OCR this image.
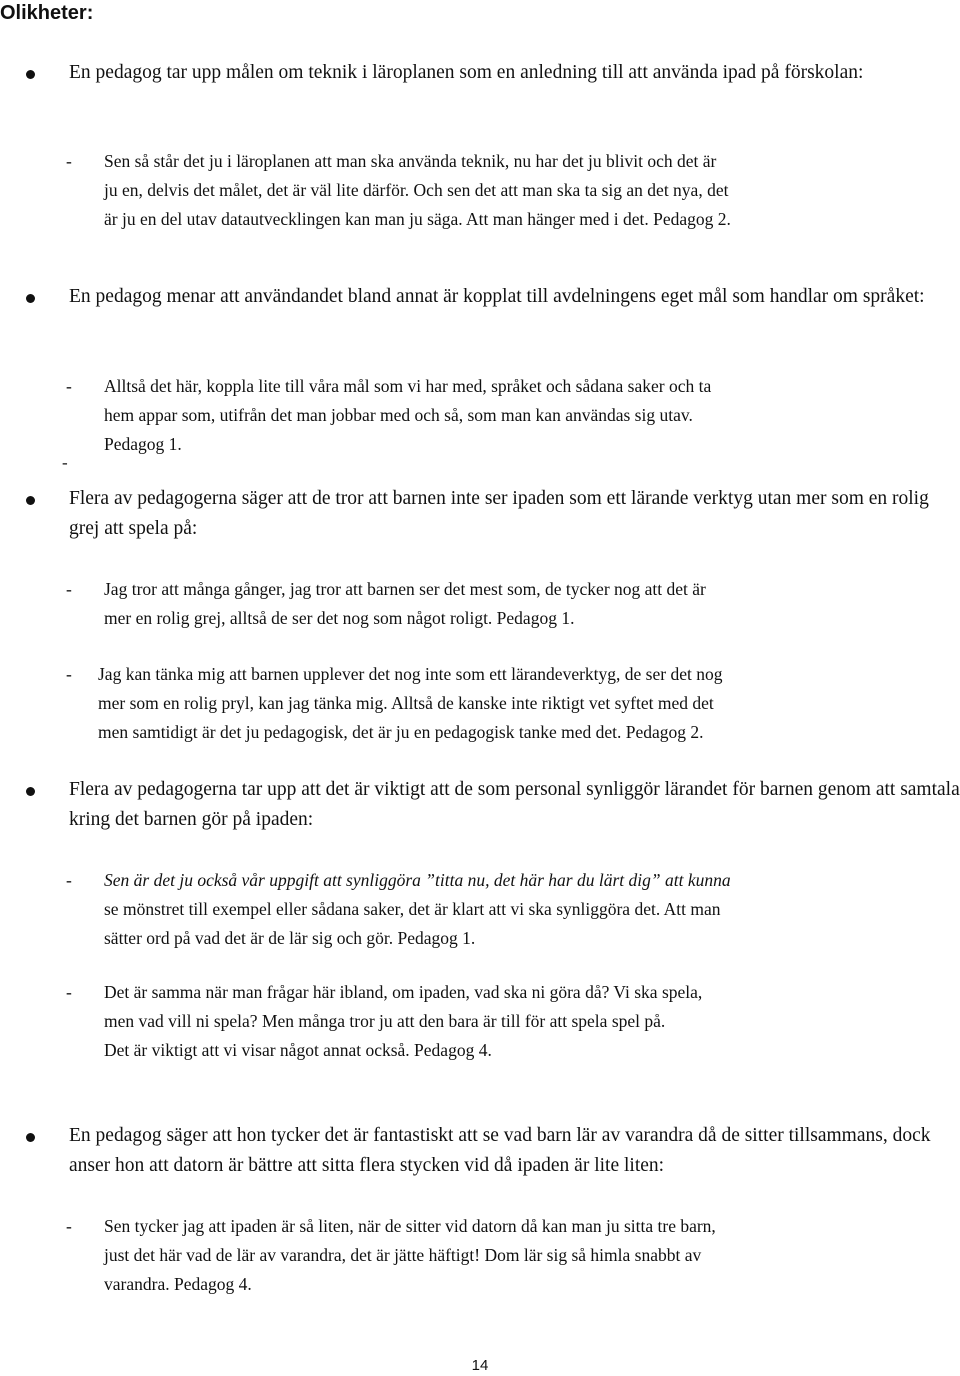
Olikheter:
En pedagog tar upp målen om teknik i läroplanen som en anledning till att använda ipad på förskolan:
- Sen så står det ju i läroplanen att man ska använda teknik, nu har det ju blivit och det är
ju en, delvis det målet, det är väl lite därför. Och sen det att man ska ta sig an det nya, det
är ju en del utav datautvecklingen kan man ju säga. Att man hänger med i det. Pedagog 2.
En pedagog menar att användandet bland annat är kopplat till avdelningens eget mål som handlar om språket:
- Alltså det här, koppla lite till våra mål som vi har med, språket och sådana saker och ta
hem appar som, utifrån det man jobbar med och så, som man kan användas sig utav.
Pedagog 1.
-
Flera av pedagogerna säger att de tror att barnen inte ser ipaden som ett lärande verktyg utan mer som en rolig grej att spela på:
- Jag tror att många gånger, jag tror att barnen ser det mest som, de tycker nog att det är
mer en rolig grej, alltså de ser det nog som något roligt. Pedagog 1.
- Jag kan tänka mig att barnen upplever det nog inte som ett lärandeverktyg, de ser det nog
mer som en rolig pryl, kan jag tänka mig. Alltså de kanske inte riktigt vet syftet med det
men samtidigt är det ju pedagogisk, det är ju en pedagogisk tanke med det. Pedagog 2.
Flera av pedagogerna tar upp att det är viktigt att de som personal synliggör lärandet för barnen genom att samtala kring det barnen gör på ipaden:
- Sen är det ju också vår uppgift att synliggöra ”titta nu, det här har du lärt dig” att kunna
se mönstret till exempel eller sådana saker, det är klart att vi ska synliggöra det. Att man
sätter ord på vad det är de lär sig och gör. Pedagog 1.
- Det är samma när man frågar här ibland, om ipaden, vad ska ni göra då? Vi ska spela,
men vad vill ni spela? Men många tror ju att den bara är till för att spela spel på.
Det är viktigt att vi visar något annat också. Pedagog 4.
En pedagog säger att hon tycker det är fantastiskt att se vad barn lär av varandra då de sitter tillsammans, dock anser hon att datorn är bättre att sitta flera stycken vid då ipaden är lite liten:
- Sen tycker jag att ipaden är så liten, när de sitter vid datorn då kan man ju sitta tre barn,
just det här vad de lär av varandra, det är jätte häftigt! Dom lär sig så himla snabbt av
varandra. Pedagog 4.
14
